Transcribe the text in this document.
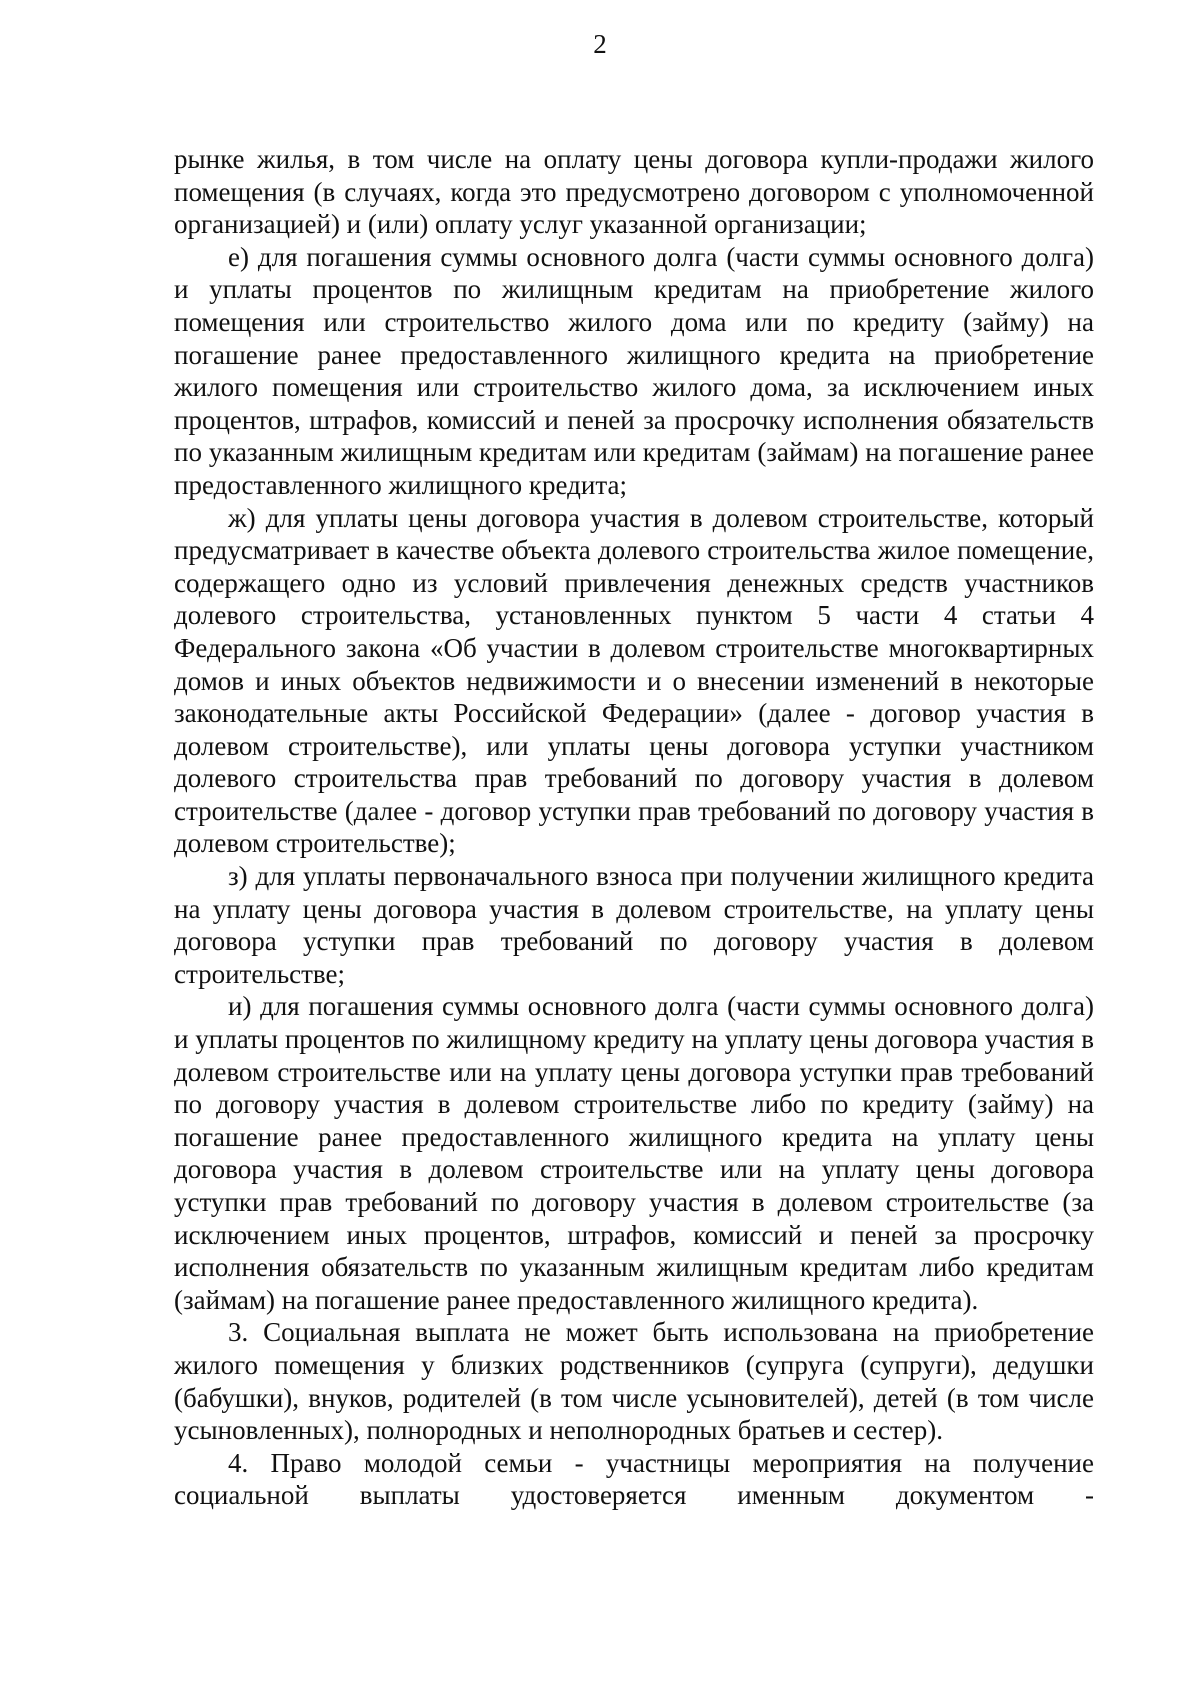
2

рынке жилья, в том числе на оплату цены договора купли-продажи жилого помещения (в случаях, когда это предусмотрено договором с уполномоченной организацией) и (или) оплату услуг указанной организации;

е) для погашения суммы основного долга (части суммы основного долга) и уплаты процентов по жилищным кредитам на приобретение жилого помещения или строительство жилого дома или по кредиту (займу) на погашение ранее предоставленного жилищного кредита на приобретение жилого помещения или строительство жилого дома, за исключением иных процентов, штрафов, комиссий и пеней за просрочку исполнения обязательств по указанным жилищным кредитам или кредитам (займам) на погашение ранее предоставленного жилищного кредита;

ж) для уплаты цены договора участия в долевом строительстве, который предусматривает в качестве объекта долевого строительства жилое помещение, содержащего одно из условий привлечения денежных средств участников долевого строительства, установленных пунктом 5 части 4 статьи 4 Федерального закона «Об участии в долевом строительстве многоквартирных домов и иных объектов недвижимости и о внесении изменений в некоторые законодательные акты Российской Федерации» (далее - договор участия в долевом строительстве), или уплаты цены договора уступки участником долевого строительства прав требований по договору участия в долевом строительстве (далее - договор уступки прав требований по договору участия в долевом строительстве);

з) для уплаты первоначального взноса при получении жилищного кредита на уплату цены договора участия в долевом строительстве, на уплату цены договора уступки прав требований по договору участия в долевом строительстве;

и) для погашения суммы основного долга (части суммы основного долга) и уплаты процентов по жилищному кредиту на уплату цены договора участия в долевом строительстве или на уплату цены договора уступки прав требований по договору участия в долевом строительстве либо по кредиту (займу) на погашение ранее предоставленного жилищного кредита на уплату цены договора участия в долевом строительстве или на уплату цены договора уступки прав требований по договору участия в долевом строительстве (за исключением иных процентов, штрафов, комиссий и пеней за просрочку исполнения обязательств по указанным жилищным кредитам либо кредитам (займам) на погашение ранее предоставленного жилищного кредита).

3. Социальная выплата не может быть использована на приобретение жилого помещения у близких родственников (супруга (супруги), дедушки (бабушки), внуков, родителей (в том числе усыновителей), детей (в том числе усыновленных), полнородных и неполнородных братьев и сестер).

4. Право молодой семьи - участницы мероприятия на получение социальной выплаты удостоверяется именным документом -
